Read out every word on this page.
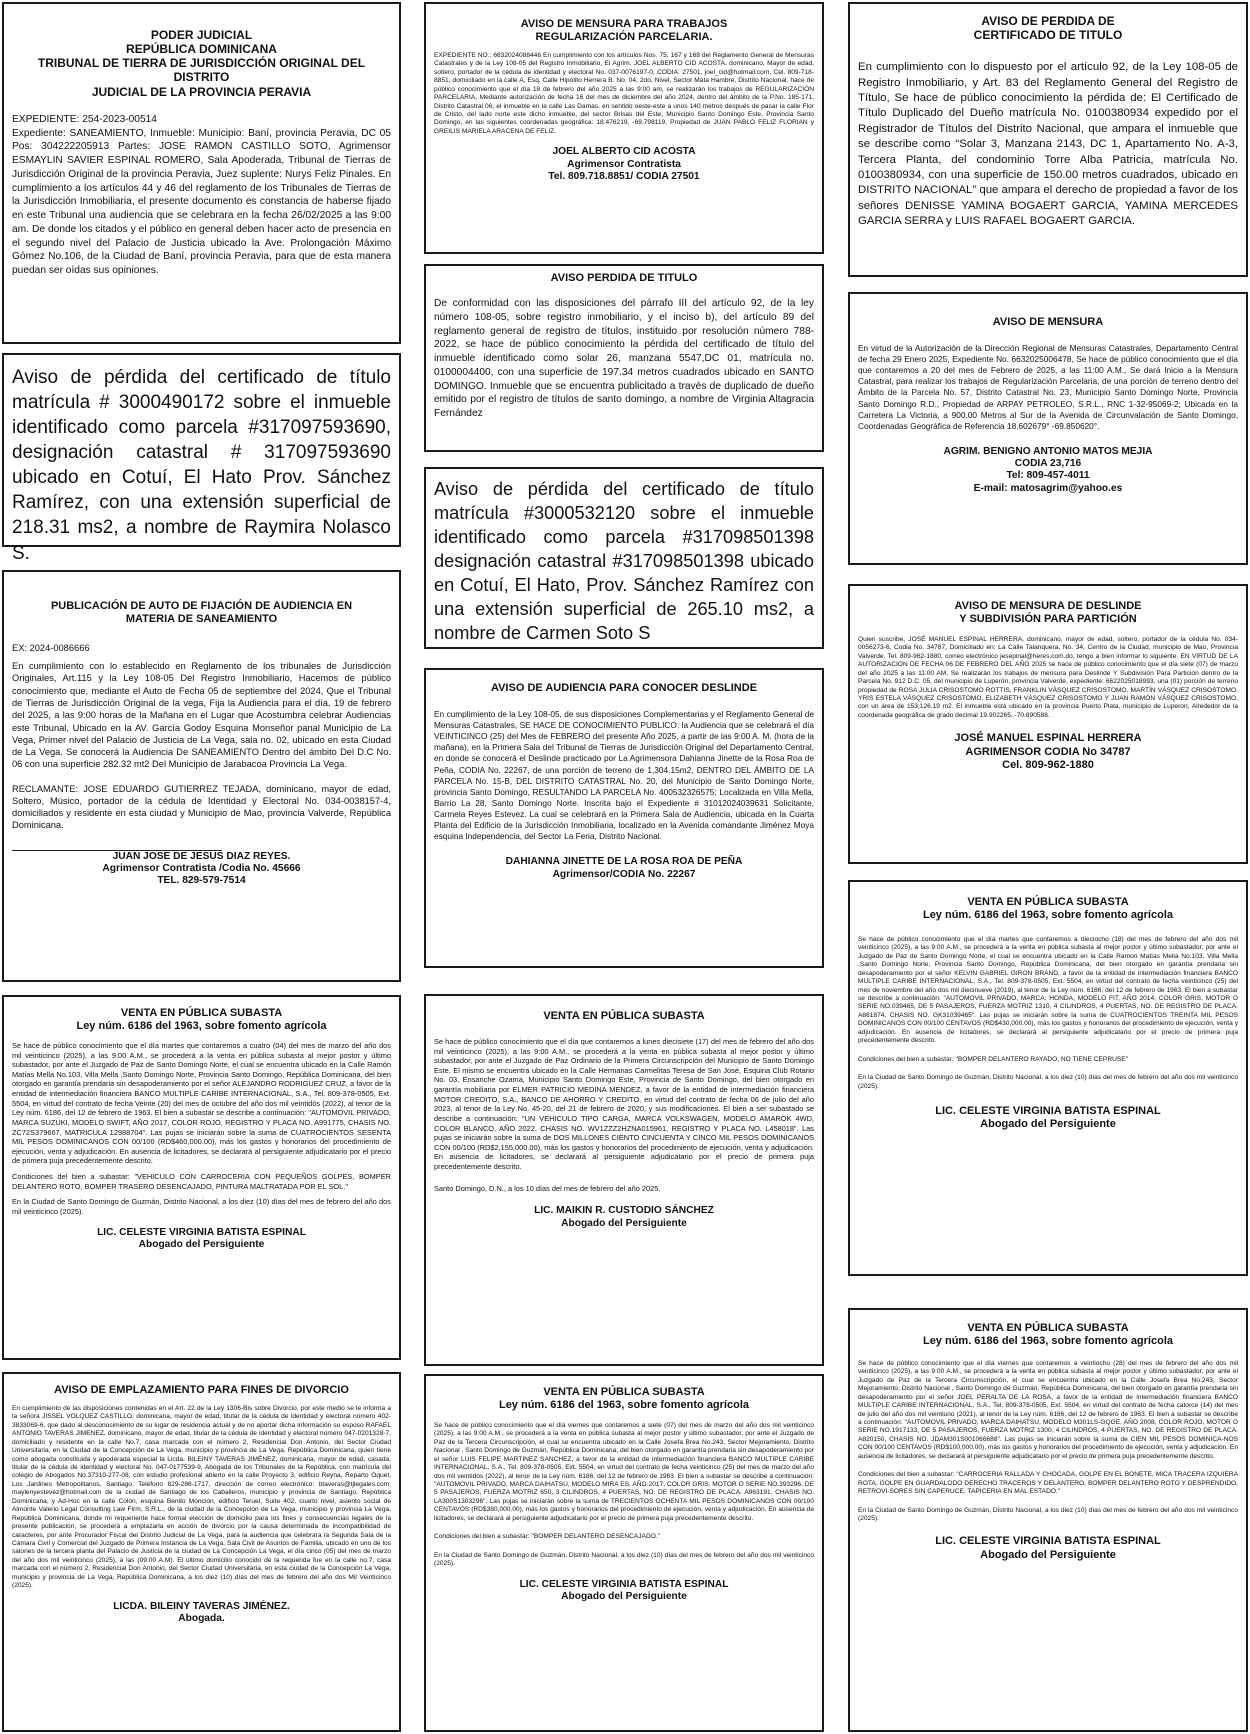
PODER JUDICIAL
REPÚBLICA DOMINICANA
TRIBUNAL DE TIERRA DE JURISDICCIÓN ORIGINAL DEL DISTRITO
JUDICIAL DE LA PROVINCIA PERAVIA
EXPEDIENTE: 254-2023-00514
Expediente: SANEAMIENTO, Inmueble: Municipio: Baní, provincia Peravia, DC 05 Pos: 304222205913 Partes: JOSE RAMON CASTILLO SOTO, Agrimensor ESMAYLIN SAVIER ESPINAL ROMERO, Sala Apoderada, Tribunal de Tierras de Jurisdicción Original de la provincia Peravia, Juez suplente: Nurys Feliz Pinales. En cumplimiento a los artículos 44 y 46 del reglamento de los Tribunales de Tierras de la Jurisdicción Inmobiliaria, el presente documento es constancia de haberse fijado en este Tribunal una audiencia que se celebrara en la fecha 26/02/2025 a las 9:00 am. De donde los citados y el público en general deben hacer acto de presencia en el segundo nivel del Palacio de Justicia ubicado la Ave. Prolongación Máximo Gómez No.106, de la Ciudad de Baní, provincia Peravia, para que de esta manera puedan ser oídas sus opiniones.
Aviso de pérdida del certificado de título matrícula # 3000490172 sobre el inmueble identificado como parcela #317097593690, designación catastral # 317097593690 ubicado en Cotuí, El Hato Prov. Sánchez Ramírez, con una extensión superficial de 218.31 ms2, a nombre de Raymira Nolasco S.
PUBLICACIÓN DE AUTO DE FIJACIÓN DE AUDIENCIA EN
MATERIA DE SANEAMIENTO

EX: 2024-0086666

En cumplimiento con lo establecido en Reglamento de los tribunales de Jurisdicción Originales, Art.115 y la Ley 108-05 Del Registro Inmobiliario, Hacemos de público conocimiento que, mediante el Auto de Fecha 05 de septiembre del 2024, Que el Tribunal de Tierras de Jurisdicción Original de la vega, Fija la Audiencia para el día, 19 de febrero del 2025, a las 9:00 horas de la Mañana en el Lugar que Acostumbra celebrar Audiencias este Tribunal, Ubicado en la AV. García Godoy Esquina Monseñor panal Municipio de La Vega, Primer nivel del Palacio de Justicia de La Vega, sala no. 02, ubicado en esta Ciudad de La Vega. Se conocerá la Audiencia De SANEAMIENTO Dentro del ámbito Del D.C No. 06 con una superficie 282.32 mt2 Del Municipio de Jarabacoa Provincia La Vega.

RECLAMANTE: JOSE EDUARDO GUTIERREZ TEJADA, dominicano, mayor de edad, Soltero, Músico, portador de la cédula de Identidad y Electoral No. 034-0038157-4, domiciliados y residente en esta ciudad y Municipio de Mao, provincia Valverde, República Dominicana.

JUAN JOSE DE JESUS DIAZ REYES.
Agrimensor Contratista /Codia No. 45666
TEL. 829-579-7514
VENTA EN PÚBLICA SUBASTA
Ley núm. 6186 del 1963, sobre fomento agrícola

Se hace de público conocimiento que el día martes que contaremos a cuatro (04) del mes de marzo del año dos mil veinticinco (2025), a las 9:00 A.M., se procederá a la venta en pública subasta al mejor postor y último subastador, por ante el Juzgado de Paz de Santo Domingo Norte, el cual se encuentra ubicado en la Calle Ramón Matías Mella No.103, Villa Mella ,Santo Domingo Norte, Provincia Santo Domingo, República Dominicana, del bien otorgado en garantía prendaria sin desapoderamiento por el señor ALEJANDRO RODRIGUEZ CRUZ, a favor de la entidad de intermediación financiera BANCO MULTIPLE CARIBE INTERNACIONAL, S.A., Tel. 809-378-0505, Ext. 5504, en virtud del contrato de fecha Veinte (20) del mes de octubre del año dos mil veintidós (2022), al tenor de la Ley núm. 6186, del 12 de febrero de 1963. El bien a subastar se describe a continuación: "AUTOMOVIL PRIVADO, MARCA SUZUKI, MODELO SWIFT, AÑO 2017, COLOR ROJO, REGISTRO Y PLACA NO. A991775, CHASIS NO. ZC72S379667, MATRICULA 12988704". Las pujas se iniciarán sobre la suma de CUATROCIENTOS SESENTA MIL PESOS DOMINICANOS CON 00/100 (RD$460,000.00), más los gastos y honorarios del procedimiento de ejecución, venta y adjudicación. En ausencia de licitadores, se declarará al persiguiente adjudicatario por el precio de primera puja precedentemente descrito.

Condiciones del bien a subastar: "VEHICULO CON CARROCERIA CON PEQUEÑOS GOLPES, BOMPER DELANTERO ROTO, BOMPER TRASERO DESENCAJADO, PINTURA MALTRATADA POR EL SOL."

En la Ciudad de Santo Domingo de Guzmán, Distrito Nacional, a los diez (10) días del mes de febrero del año dos mil veinticinco (2025).

LIC. CELESTE VIRGINIA BATISTA ESPINAL
Abogado del Persiguiente
AVISO DE EMPLAZAMIENTO PARA FINES DE DIVORCIO
En cumplimiento de las disposiciones contenidas en el Art. 22 de la Ley 1306-Bis sobre Divorcio, por este medio se le informa a la señora JISSEL VOLQUEZ CASTILLO, dominicana, mayor de edad, titular de la cédula de identidad y electoral número 402-3833069-6, que dado al desconocimiento de su lugar de residencia actual y de no aportar dicha información su esposo RAFAEL ANTONIO TAVERAS JIMENEZ, dominicano, mayor de edad, titular de la cédula de identidad y electoral número 047-0201328-7, domiciliado y residente en la calle No.7, casa marcada con el número 2, Residencial Don Antonio, del Sector Ciudad Universitaria, en la Ciudad de la Concepción de La Vega, municipio y provincia de La Vega, República Dominicana, quien tiene como abogada constituida y apoderada especial la Licda. BILEINY TAVERAS JIMÉNEZ, dominicana, mayor de edad, casada, titular de la cédula de identidad y electoral No. 047-0177539-9, Abogada de los Tribunales de la República, con matrícula del colegio de Abogados No.37310-277-08, con estudio profesional abierto en la calle Proyecto 3, edificio Reyna, Reparto Oquet, Los Jardines Metropolitanos, Santiago. Teléfono 829-286-1717, dirección de correo electrónico: btaveras@tjlegales.com, maylenyestevez@hotmail.com de la ciudad de Santiago de los Caballeros, municipio y provincia de Santiago, República Dominicana, y Ad-Hoc en la calle Colón, esquina Benito Monción, edificio Teruel, Suite 402, cuarto nivel, asiento social de Almonte Valerio Legal Consulting Law Firm, S.R.L., de la ciudad de la Concepción de La Vega, municipio y provincia La Vega, República Dominicana, donde mi requeriente hace formal elección de domicilio para los fines y consecuencias legales de la presente publicación, se procederá a emplazarla en acción de divorcio por la causa determinada de incompatibilidad de caracteres, por ante Procurador Fiscal del Distrito Judicial de La Vega, para la audiencia que celebrara la Segunda Sala de la Cámara Civil y Comercial del Juzgado de Primera Instancia de La Vega, Sala Civil de Asuntos de Familia, ubicado en uno de los salones de la tercera planta del Palacio de Justicia de la ciudad de La Concepción La Vega, el día cinco (05) del mes de marzo del año dos mil veinticinco (2025), a las (09:00 A.M). El último domicilio conocido de la requerida fue en la calle no.7, casa marcada con el número 2, Residencial Don Antonio, del Sector Ciudad Universitaria, en esta ciudad de la Concepción La Vega, municipio y provincia de La Vega, República Dominicana, a los diez (10) días del mes de febrero del año dos Mil Veinticinco (2025).
LICDA. BILEINY TAVERAS JIMÉNEZ.
Abogada.
AVISO DE MENSURA PARA TRABAJOS
REGULARIZACIÓN PARCELARIA.
EXPEDIENTE NO.: 6632024088446 En cumplimiento con los artículos Nos. 75, 167 y 168 del Reglamento General de Mensuras Catastrales y de la Ley 108-05 del Registro Inmobiliario, El Agrim. JOEL ALBERTO CID ACOSTA, dominicano, Mayor de edad, soltero, portador de la cédula de identidad y electoral No. 037-0076197-0, CODIA: 27501, joel_cid@hotmail.com, Cel. 809-718-8851, domiciliado en la calle A, Esq. Calle Hipólito Herrera B. No. 04, 2do. Nivel, Sector Mata Hambre, Distrito Nacional, hace de público conocimiento que el día 18 de febrero del año 2025 a las 9:00 am, se realizarán los trabajos de REGULARIZACIÓN PARCELARIA, Mediante autorización de fecha 16 del mes de diciembre del año 2024, dentro del ámbito de la P.No. 185-171, Distrito Catastral 06, el inmueble en la calle Las Damas, en sentido oeste-este a unos 140 metros después de pasar la calle Flor de Cristo, del lado norte este dicho inmueble, del sector Brisas del Este, Municipio Santo Domingo Este, Provincia Santo Domingo, en las siguientes coordenadas geográfica: 18.476219, -69.798119, Propiedad de JUAN PABLO FELIZ FLORIAN y GREILIS MARIELA ARACENA DE FELIZ.
JOEL ALBERTO CID ACOSTA
Agrimensor Contratista
Tel. 809.718.8851/ CODIA 27501
AVISO PERDIDA DE TITULO
De conformidad con las disposiciones del párrafo III del artículo 92, de la ley número 108-05, sobre registro inmobiliario, y el inciso b), del artículo 89 del reglamento general de registro de títulos, instituido por resolución número 788-2022, se hace de público conocimiento la pérdida del certificado de título del inmueble identificado como solar 26, manzana 5547,DC 01, matrícula no. 0100004400, con una superficie de 197.34 metros cuadrados ubicado en SANTO DOMINGO. Inmueble que se encuentra publicitado a través de duplicado de dueño emitido por el registro de títulos de santo domingo, a nombre de Virginia Altagracia Fernández
Aviso de pérdida del certificado de título matrícula #3000532120 sobre el inmueble identificado como parcela #317098501398 designación catastral #317098501398 ubicado en Cotuí, El Hato, Prov. Sánchez Ramírez con una extensión superficial de 265.10 ms2, a nombre de Carmen Soto S
AVISO DE AUDIENCIA PARA CONOCER DESLINDE
En cumplimiento de la Ley 108-05, de sus disposiciones Complementarias y el Reglamento General de Mensuras Catastrales, SE HACE DE CONOCIMIENTO PUBLICO: la Audiencia que se celebrará el día VEINTICINCO (25) del Mes de FEBRERO del presente Año 2025, a partir de las 9:00 A. M. (hora de la mañana), en la Primera Sala del Tribunal de Tierras de Jurisdicción Original del Departamento Central, en donde se conocerá el Deslinde practicado por La Agrimensora Dahianna Jinette de la Rosa Roa de Peña, CODIA No. 22267, de una porción de terreno de 1,304.15m2, DENTRO DEL ÁMBITO DE LA PARCELA No. 15-B, DEL DISTRITO CATASTRAL No. 20, del Municipio de Santo Domingo Norte, provincia Santo Domingo, RESULTANDO LA PARCELA No. 400532326575; Localizada en Villa Mella, Barrio La 28, Santo Domingo Norte. Inscrita bajo el Expediente # 31012024039631 Solicitante, Carmela Reyes Estevez. La cual se celebrará en la Primera Sala de Audiencia, ubicada en la Cuarta Planta del Edificio de la Jurisdicción Inmobiliaria, localizado en la Avenida comandante Jiménez Moya esquina Independencia, del Sector La Feria, Distrito Nacional.
DAHIANNA JINETTE DE LA ROSA ROA DE PEÑA
Agrimensor/CODIA No. 22267
VENTA EN PÚBLICA SUBASTA

Se hace de público conocimiento que el día que contaremos a lunes diecisiete (17) del mes de febrero del año dos mil veinticinco (2025), a las 9:00 A.M., se procederá a la venta en pública subasta al mejor postor y último subastador, por ante el Juzgado de Paz Ordinario de la Primera Circunscripción del Municipio de Santo Domingo Este. El mismo se encuentra ubicado en la Calle Hermanas Carmelitas Teresa de San José, Esquina Club Rotario No. 03, Ensanche Ozama, Municipio Santo Domingo Este, Provincia de Santo Domingo, del bien otorgado en garantía mobiliaria por ELMER PATRICIO MEDINA MENDEZ, a favor de la entidad de intermediación financiera MOTOR CREDITO, S.A., BANCO DE AHORRO Y CREDITO, en virtud del contrato de fecha 06 de julio del año 2023, al tenor de la Ley No. 45-20, del 21 de febrero de 2020, y sus modificaciones. El bien a ser subastado se describe a continuación: "UN VEHICULO TIPO CARGA, MARCA VOLKSWAGEN, MODELO AMAROK 4WD, COLOR BLANCO, AÑO 2022, CHASIS NO. WV1ZZZ2HZNA015961, REGISTRO Y PLACA NO. L458018". Las pujas se iniciarán sobre la suma de DOS MILLONES CIENTO CINCUENTA Y CINCO MIL PESOS DOMINICANOS CON 00/100 (RD$2,155,000.00), más los gastos y honorarios del procedimiento de ejecución, venta y adjudicación. En ausencia de licitadores, se declarará al persiguiente adjudicatario por el precio de primera puja precedentemente descrito.

Santo Domingo, D.N., a los 10 días del mes de febrero del año 2025.

LIC. MAIKIN R. CUSTODIO SÁNCHEZ
Abogado del Persiguiente
VENTA EN PÚBLICA SUBASTA
Ley núm. 6186 del 1963, sobre fomento agrícola

Se hace de público conocimiento que el día viernes que contaremos a siete (07) del mes de marzo del año dos mil veinticinco (2025), a las 9:00 A.M., se procederá a la venta en pública subasta al mejor postor y último subastador, por ante el Juzgado de Paz de la Tercera Circunscripción, el cual se encuentra ubicado en la Calle Josefa Brea No.243, Sector Mejoramiento, Distrito Nacional , Santo Domingo de Guzmán, República Dominicana, del bien otorgado en garantía prendaria sin desapoderamiento por el señor LUIS FELIPE MARTINEZ SANCHEZ, a favor de la entidad de intermediación financiera BANCO MULTIPLE CARIBE INTERNACIONAL, S.A., Tel. 809-378-0505, Ext. 5504, en virtud del contrato de fecha veinticinco (25) del mes de marzo del año dos mil veintidós (2022), al tenor de la Ley núm. 6186, del 12 de febrero de 1963. El bien a subastar se describe a continuación: "AUTOMOVIL PRIVADO, MARCA DAIHATSU, MODELO MIRA ES, AÑO 2017, COLOR GRIS, MOTOR O SERIE NO.393296, DE 5 PASAJEROS, FUERZA MOTRIZ 650, 3 CILINDROS, 4 PUERTAS, NO. DE REGISTRO DE PLACA. A963191, CHASIS NO. LA300S1303296". Las pujas se iniciarán sobre la suma de TRECIENTOS OCHENTA MIL PESOS DOMINICANOS CON 00/100 CENTAVOS (RD$380,000.00), más los gastos y honorarios del procedimiento de ejecución, venta y adjudicación. En ausencia de licitadores, se declarará al persiguiente adjudicatario por el precio de primera puja precedentemente descrito.

Condiciones del bien a subastar: "BOMPER DELANTERO DESENCAJADO."

En la Ciudad de Santo Domingo de Guzmán, Distrito Nacional, a los diez (10) días del mes de febrero del año dos mil veinticinco (2025).

LIC. CELESTE VIRGINIA BATISTA ESPINAL
Abogado del Persiguiente
AVISO DE PERDIDA DE
CERTIFICADO DE TITULO
En cumplimiento con lo dispuesto por el artículo 92, de la Ley 108-05 de Registro Inmobiliario, y Art. 83 del Reglamento General del Registro de Título, Se hace de público conocimiento la pérdida de: El Certificado de Título Duplicado del Dueño matrícula No. 0100380934 expedido por el Registrador de Títulos del Distrito Nacional, que ampara el inmueble que se describe como “Solar 3, Manzana 2143, DC 1, Apartamento No. A-3, Tercera Planta, del condominio Torre Alba Patricia, matrícula No. 0100380934, con una superficie de 150.00 metros cuadrados, ubicado en DISTRITO NACIONAL” que ampara el derecho de propiedad a favor de los señores DENISSE YAMINA BOGAERT GARCIA, YAMINA MERCEDES GARCIA SERRA y LUIS RAFAEL BOGAERT GARCIA.
AVISO DE MENSURA
En virtud de la Autorización de la Dirección Regional de Mensuras Catastrales, Departamento Central de fecha 29 Enero 2025, Expediente No. 6632025006478, Se hace de público conocimiento que el día que contaremos a 20 del mes de Febrero de 2025, a las 11:00 A.M., Se dará Inicio a la Mensura Catastral, para realizar los trabajos de Regularización Parcelaria, de una porción de terreno dentro del Ámbito de la Parcela No. 57, Distrito Catastral No. 23, Municipio Santo Domingo Norte, Provincia Santo Domingo R.D., Propiedad de ARPAY PETROLEO, S.R.L., RNC 1-32-95069-2; Ubicada en la Carretera La Victoria, a 900.00 Metros al Sur de la Avenida de Circunvalación de Santo Domingo, Coordenadas Geográfica de Referencia 18.602679° -69.850620°.
AGRIM. BENIGNO ANTONIO MATOS MEJIA
CODIA 23,716
Tel: 809-457-4011
E-mail: matosagrim@yahoo.es
AVISO DE MENSURA DE DESLINDE
Y SUBDIVISIÓN PARA PARTICIÓN
Quien suscribe, JOSÉ MANUEL ESPINAL HERRERA, dominicano, mayor de edad, soltero, portador de la cédula No. 034-0056273-6, Codia No. 34787, Domiciliado en: La Calle Talanquera, No. 34, Centro de la Ciudad, municipio de Mao, Provincia Valverde. Tel. 809-962-1880, correo electrónico jesepinal@heres.com.do, tengo a bien informar lo siguiente. EN VIRTUD DE LA AUTORIZACION DE FECHA 06 DE FEBRERO DEL AÑO 2025 se hace de público conocimiento que el día siete (07) de marzo del año 2025 a las 11:00 AM. Se realizarán los trabajos de mensura para Deslinde Y Subdivisión Para Partición dentro de la Parcela No. 912 D.C. 05, del municipio de Luperón, provincia Valverde, expediente: 6622025018993, una (01) porción de terreno propiedad de ROSA JULIA CRISOSTOMO ROTTIS, FRANKLIN VÁSQUEZ CRISOSTOMO, MARTÍN VÁSQUEZ CRISOSTOMO, YRIS ESTELA VÁSQUEZ CRISOSTOMO, ELIZABETH VÁSQUEZ CRISOSTOMO Y JUAN RAMÓN VÁSQUEZ CRISOSTOMO, con un área de 153,126.19 m2. El inmueble está ubicado en la provincia Puerto Plata, municipio de Luperon, Alrededor de la coordenada geográfica de grado decimal 19.902265, -70.890588.
JOSÉ MANUEL ESPINAL HERRERA
AGRIMENSOR CODIA No 34787
Cel. 809-962-1880
VENTA EN PÚBLICA SUBASTA
Ley núm. 6186 del 1963, sobre fomento agrícola

Se hace de público conocimiento que el día martes que contaremos a dieciocho (18) del mes de febrero del año dos mil veinticinco (2025), a las 9:00 A.M., se procederá a la venta en pública subasta al mejor postor y último subastador, por ante el Juzgado de Paz de Santo Domingo Norte, el cual se encuentra ubicado en la Calle Ramon Matías Mella No.103, Villa Mella ,Santo Domingo Norte, Provincia Santo Domingo, República Dominicana, del bien otorgado en garantía prendaria sin desapoderamiento por el señor KELVIN GABRIEL GIRON BRAND, a favor de la entidad de intermediación financiera BANCO MULTIPLE CARIBE INTERNACIONAL, S.A., Tel. 809-378-0505, Ext. 5504, en virtud del contrato de fecha veinticinco (25) del mes de noviembre del año dos mil diecinueve (2019), al tenor de la Ley núm. 6186, del 12 de febrero de 1963. El bien a subastar se describe a continuación: "AUTOMOVIL PRIVADO, MARCA: HONDA, MODELO FIT, AÑO 2014, COLOR GRIS, MOTOR O SERIE NO.039465, DE 5 PASAJEROS, FUERZA MOTRIZ 1310, 4 CILINDROS, 4 PUERTAS, NO. DE REGISTRO DE PLACA. A861874, CHASIS NO. GK31039465". Las pujas se iniciarán sobre la suma de CUATROCIENTOS TREINTA MIL PESOS DOMINICANOS CON 00/100 CENTAVOS (RD$430,000.00), más los gastos y honorarios del procedimiento de ejecución, venta y adjudicación. En ausencia de licitadores, se declarará al persiguiente adjudicatario por el precio de primera puja precedentemente descrito.

Condiciones del bien a subastar: "BOMPER DELANTERO RAYADO, NO TIENE CEPRUSE"

En la Ciudad de Santo Domingo de Guzmán, Distrito Nacional, a los diez (10) días del mes de febrero del año dos mil veinticinco (2025).

LIC. CELESTE VIRGINIA BATISTA ESPINAL
Abogado del Persiguiente
VENTA EN PÚBLICA SUBASTA
Ley núm. 6186 del 1963, sobre fomento agrícola

Se hace de público conocimiento que el día viernes que contaremos a veintiocho (28) del mes de febrero del año dos mil veinticinco (2025), a las 9:00 A.M., se procederá a la venta en pública subasta al mejor postor y último subastador, por ante el Juzgado de Paz de la Tercera Circunscripción, el cual se encuentra ubicado en la Calle Josefa Brea No.243, Sector Mejoramiento, Distrito Nacional , Santo Domingo de Guzmán, República Dominicana, del bien otorgado en garantía prendaria sin desapoderamiento por el señor JOEL PERALTA DE LA ROSA, a favor de la entidad de intermediación financiera BANCO MULTIPLE CARIBE INTERNACIONAL, S.A., Tel. 809-378-0505, Ext. 5504, en virtud del contrato de fecha catorce (14) del mes de julio del año dos mil veintiuno (2021), al tenor de la Ley núm. 6186, del 12 de febrero de 1963. El bien a subastar se describe a continuación: "AUTOMOVIL PRIVADO, MARCA DAIHATSU, MODELO M301LS-GQGE, AÑO 2008, COLOR ROJO, MOTOR O SERIE NO.1917133, DE 5 PASAJEROS, FUERZA MOTRIZ 1300, 4 CILINDROS, 4 PUERTAS, NO. DE REGISTRO DE PLACA. A820150, CHASIS NO. JDAM301S001066688". Las pujas se iniciarán sobre la suma de CIEN MIL PESOS DOMINICA-NOS CON 00/100 CENTAVOS (RD$100,000.00), más los gastos y honorarios del procedimiento de ejecución, venta y adjudicación. En ausencia de licitadores, se declarará al persiguiente adjudicatario por el precio de primera puja precedentemente descrito.

Condiciones del bien a subastar: "CARROCERIA RALLADA Y CHOCADA, GOLPE EN EL BONETE, MICA TRACERA IZQUIERA ROTA, GOLPE EN GUARDALODO DERECHO TRACEROS Y DELANTERO, BOMPER DELANTERO ROTO Y DESPRENDIDO, RETROVI-SORES SIN CAPERUCE, TAPICERIA EN MAL ESTADO."

En la Ciudad de Santo Domingo de Guzmán, Distrito Nacional, a los diez (10) días del mes de febrero del año dos mil veinticinco (2025).

LIC. CELESTE VIRGINIA BATISTA ESPINAL
Abogado del Persiguiente
